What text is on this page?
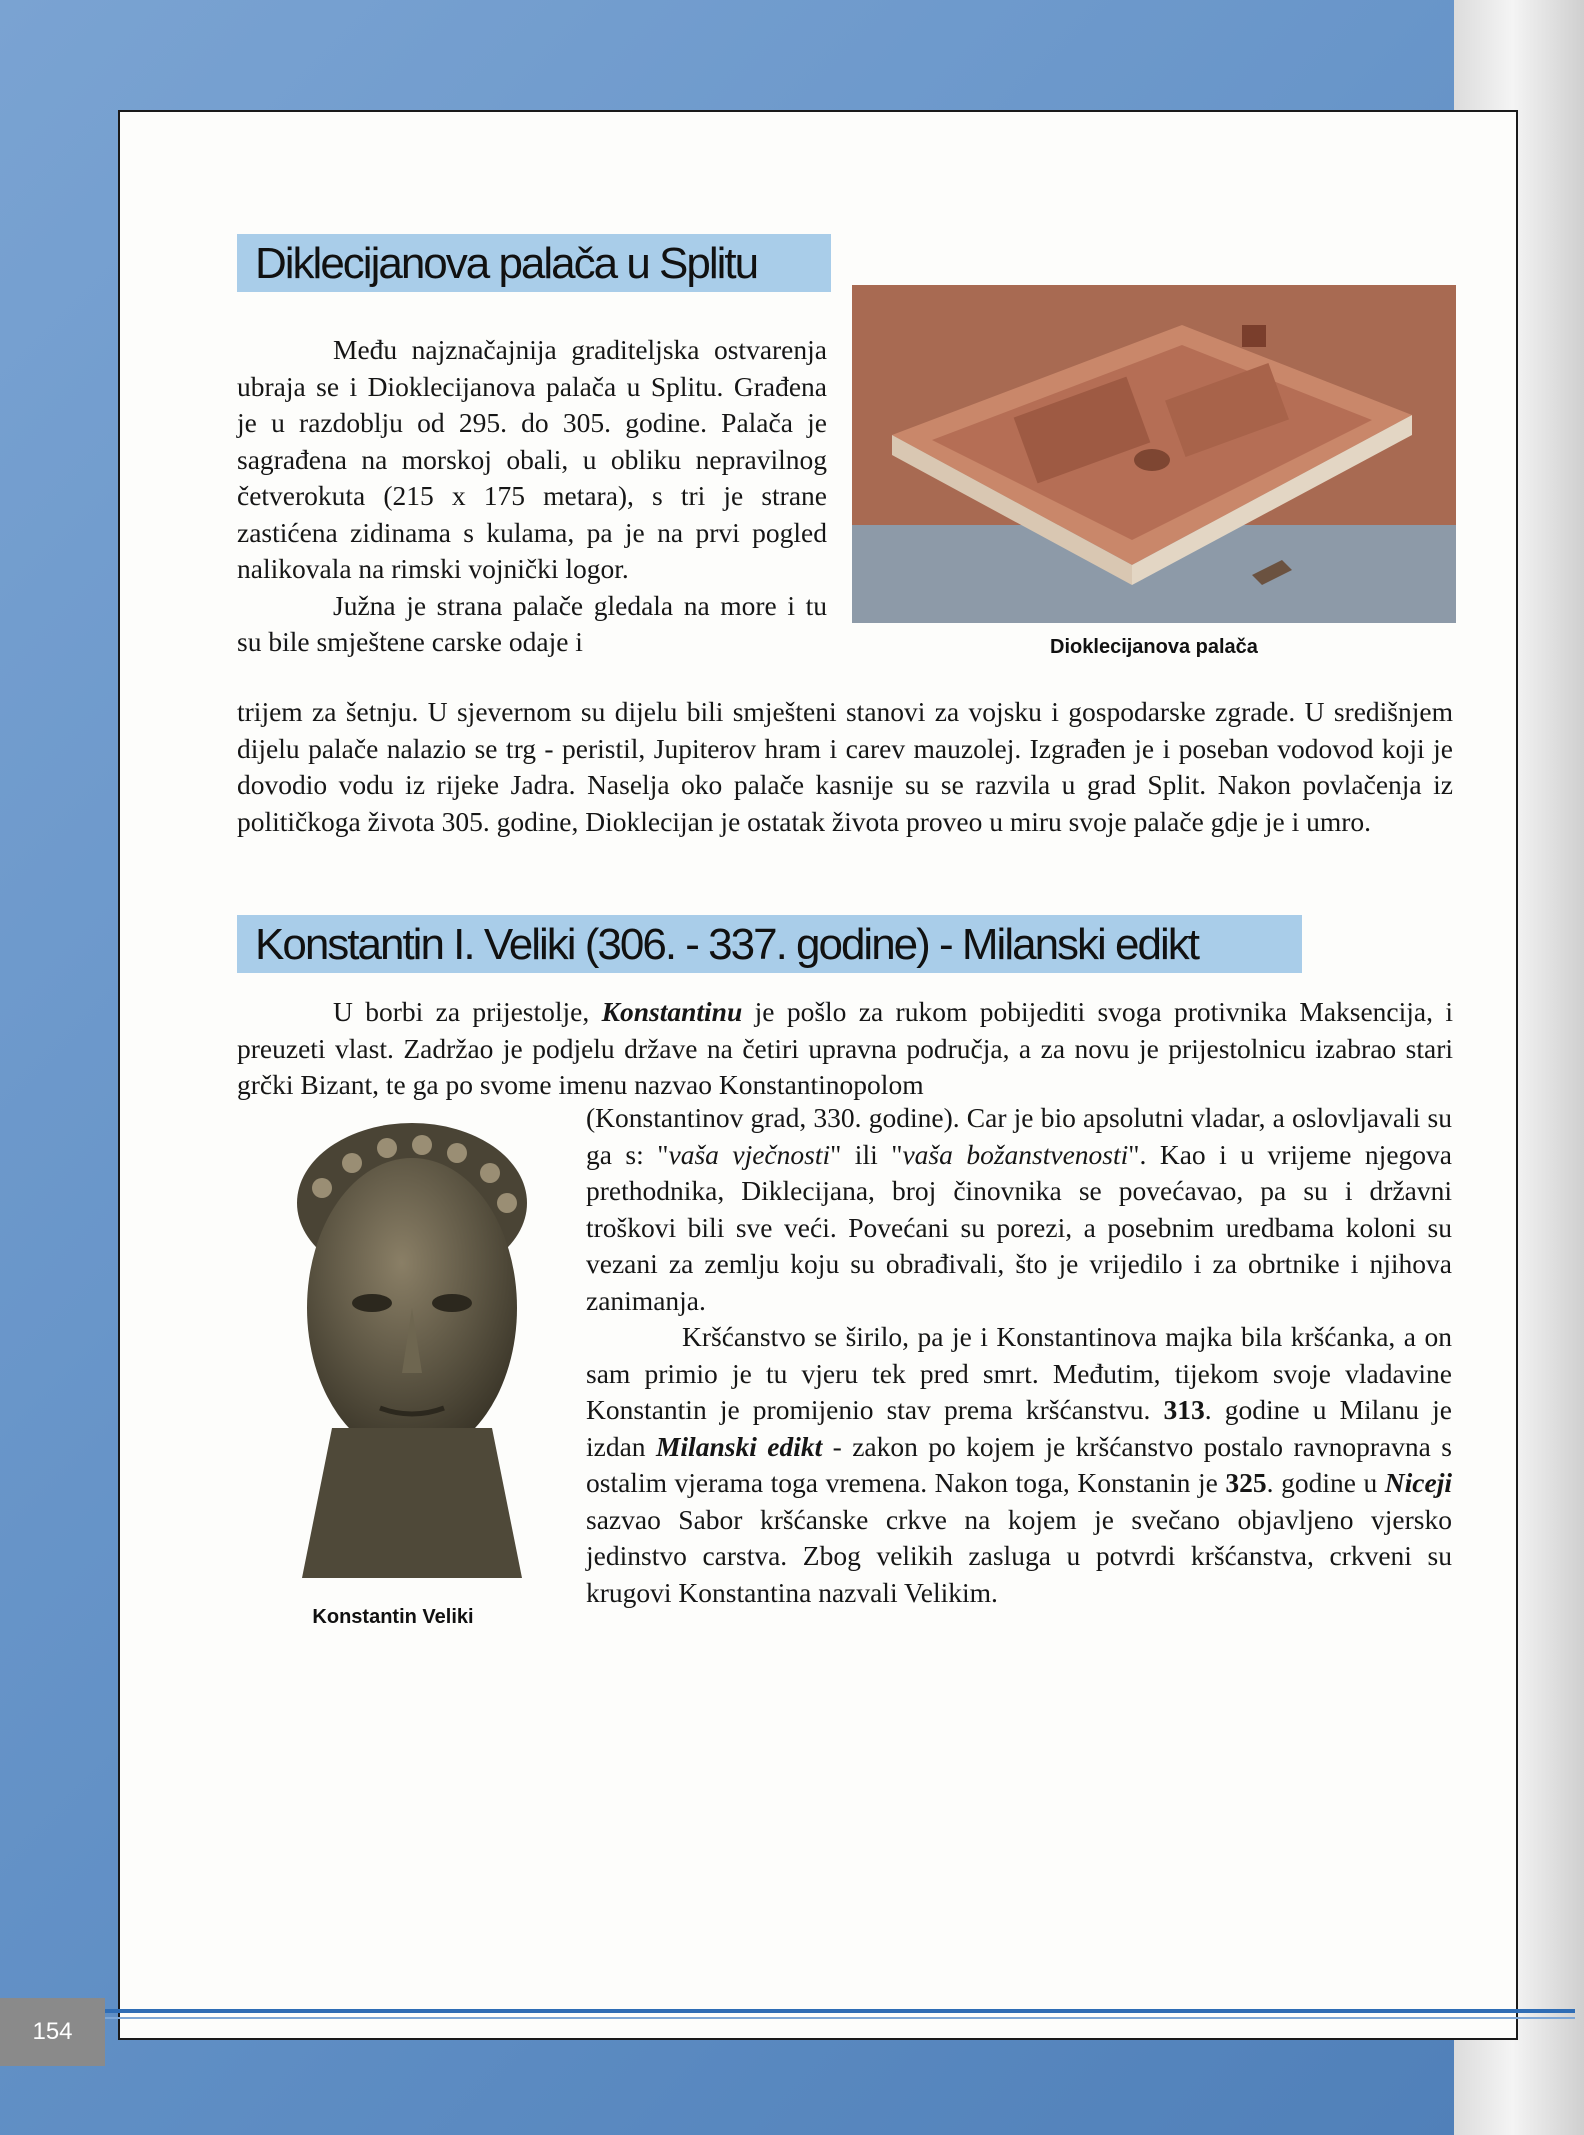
Diklecijanova palača u Splitu

Među najznačajnija graditeljska ostvarenja ubraja se i Dioklecijanova palača u Splitu. Građena je u razdoblju od 295. do 305. godine. Palača je sagrađena na morskoj obali, u obliku nepravilnog četverokuta (215 x 175 metara), s tri je strane zastićena zidinama s kulama, pa je na prvi pogled nalikovala na rimski vojnički logor.

Južna je strana palače gledala na more i tu su bile smještene carske odaje i	Dioklecijanova palača

trijem za šetnju. U sjevernom su dijelu bili smješteni stanovi za vojsku i gospodarske zgrade. U središnjem dijelu palače nalazio se trg - peristil, Jupiterov hram i carev mauzolej. Izgrađen je i poseban vodovod koji je dovodio vodu iz rijeke Jadra. Naselja oko palače kasnije su se razvila u grad Split. Nakon povlačenja iz političkoga života 305. godine, Dioklecijan je ostatak života proveo u miru svoje palače gdje je i umro.

Konstantin I. Veliki (306. - 337. godine) - Milanski edikt

U borbi za prijestolje, Konstantinu je pošlo za rukom pobijediti svoga protivnika Maksencija, i preuzeti vlast. Zadržao je podjelu države na četiri upravna područja, a za novu je prijestolnicu izabrao stari grčki Bizant, te ga po svome imenu nazvao Konstantinopolom

Konstantin Veliki

(Konstantinov grad, 330. godine). Car je bio apsolutni vladar, a oslovljavali su ga s: "vaša vječnosti" ili "vaša božanstvenosti". Kao i u vrijeme njegova prethodnika, Diklecijana, broj činovnika se povećavao, pa su i državni troškovi bili sve veći. Povećani su porezi, a posebnim uredbama koloni su vezani za zemlju koju su obrađivali, što je vrijedilo i za obrtnike i njihova zanimanja.

Kršćanstvo se širilo, pa je i Konstantinova majka bila kršćanka, a on sam primio je tu vjeru tek pred smrt. Međutim, tijekom svoje vladavine Konstantin je promijenio stav prema kršćanstvu. 313. godine u Milanu je izdan Milanski edikt - zakon po kojem je kršćanstvo postalo ravnopravna s ostalim vjerama toga vremena. Nakon toga, Konstanin je 325. godine u Niceji sazvao Sabor kršćanske crkve na kojem je svečano objavljeno vjersko jedinstvo carstva. Zbog velikih zasluga u potvrdi kršćanstva, crkveni su krugovi Konstantina nazvali Velikim.

154
